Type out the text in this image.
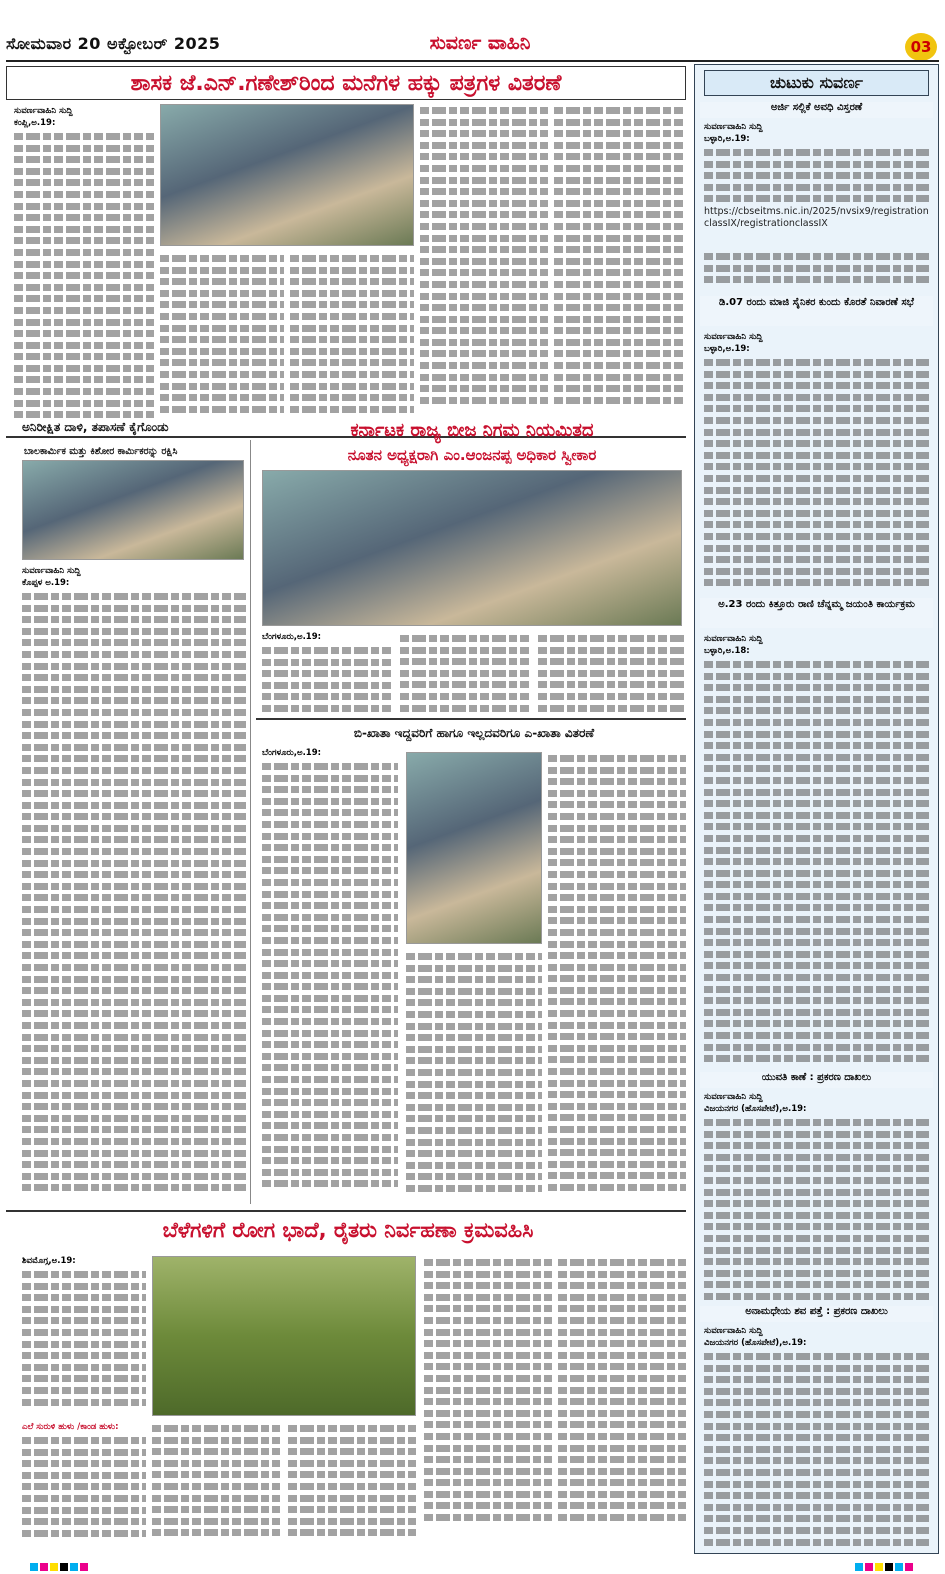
ಸೋಮವಾರ 20 ಅಕ್ಟೋಬರ್ 2025	ಸುವರ್ಣ ವಾಹಿನಿ	03
ಶಾಸಕ ಜೆ.ಎನ್.ಗಣೇಶ್‌ರಿಂದ ಮನೆಗಳ ಹಕ್ಕು ಪತ್ರಗಳ ವಿತರಣೆ
ಸುವರ್ಣವಾಹಿನಿ ಸುದ್ದಿ
ಕಂಪ್ಲಿ,ಅ.19:
ಅನಿರೀಕ್ಷಿತ ದಾಳಿ, ತಪಾಸಣೆ ಕೈಗೊಂಡು
ಬಾಲಕಾರ್ಮಿಕ ಮತ್ತು ಕಿಶೋರ ಕಾರ್ಮಿಕರನ್ನು ರಕ್ಷಿಸಿ
ಸುವರ್ಣವಾಹಿನಿ ಸುದ್ದಿ
ಕೊಪ್ಪಳ ಅ.19:
ಕರ್ನಾಟಕ ರಾಜ್ಯ ಬೀಜ ನಿಗಮ ನಿಯಮಿತದ
ನೂತನ ಅಧ್ಯಕ್ಷರಾಗಿ ಎಂ.ಆಂಜನಪ್ಪ ಅಧಿಕಾರ ಸ್ವೀಕಾರ
ಬೆಂಗಳೂರು,ಅ.19:
ಬಿ-ಖಾತಾ ಇದ್ದವರಿಗೆ ಹಾಗೂ ಇಲ್ಲದವರಿಗೂ ಎ-ಖಾತಾ ವಿತರಣೆ
ಬೆಂಗಳೂರು,ಅ.19:
ಬೆಳೆಗಳಿಗೆ ರೋಗ ಭಾದೆ, ರೈತರು ನಿರ್ವಹಣಾ ಕ್ರಮವಹಿಸಿ
ಶಿವಮೊಗ್ಗ,ಅ.19:
ಎಲೆ ಸುರುಳಿ ಹುಳು /ಕಾಂಡ ಹುಳು:
ಚುಟುಕು ಸುವರ್ಣ
ಅರ್ಜಿ ಸಲ್ಲಿಕೆ ಅವಧಿ ವಿಸ್ತರಣೆ
ಸುವರ್ಣವಾಹಿನಿ ಸುದ್ದಿ
ಬಳ್ಳಾರಿ,ಅ.19:
https://cbseitms.nic.in/2025/nvsix9/registrationclassIX/registrationclassIX
ಡಿ.07 ರಂದು ಮಾಜಿ ಸೈನಿಕರ ಕುಂದು ಕೊರತೆ ನಿವಾರಣೆ ಸಭೆ
ಸುವರ್ಣವಾಹಿನಿ ಸುದ್ದಿ
ಬಳ್ಳಾರಿ,ಅ.19:
ಅ.23 ರಂದು ಕಿತ್ತೂರು ರಾಣಿ ಚೆನ್ನಮ್ಮ ಜಯಂತಿ ಕಾರ್ಯಕ್ರಮ
ಸುವರ್ಣವಾಹಿನಿ ಸುದ್ದಿ
ಬಳ್ಳಾರಿ,ಅ.18:
ಯುವತಿ ಕಾಣೆ : ಪ್ರಕರಣ ದಾಖಲು
ಸುವರ್ಣವಾಹಿನಿ ಸುದ್ದಿ
ವಿಜಯನಗರ (ಹೊಸಪೇಟೆ),ಅ.19:
ಅನಾಮಧೇಯ ಶವ ಪತ್ತೆ : ಪ್ರಕರಣ ದಾಖಲು
ಸುವರ್ಣವಾಹಿನಿ ಸುದ್ದಿ
ವಿಜಯನಗರ (ಹೊಸಪೇಟೆ),ಅ.19:
